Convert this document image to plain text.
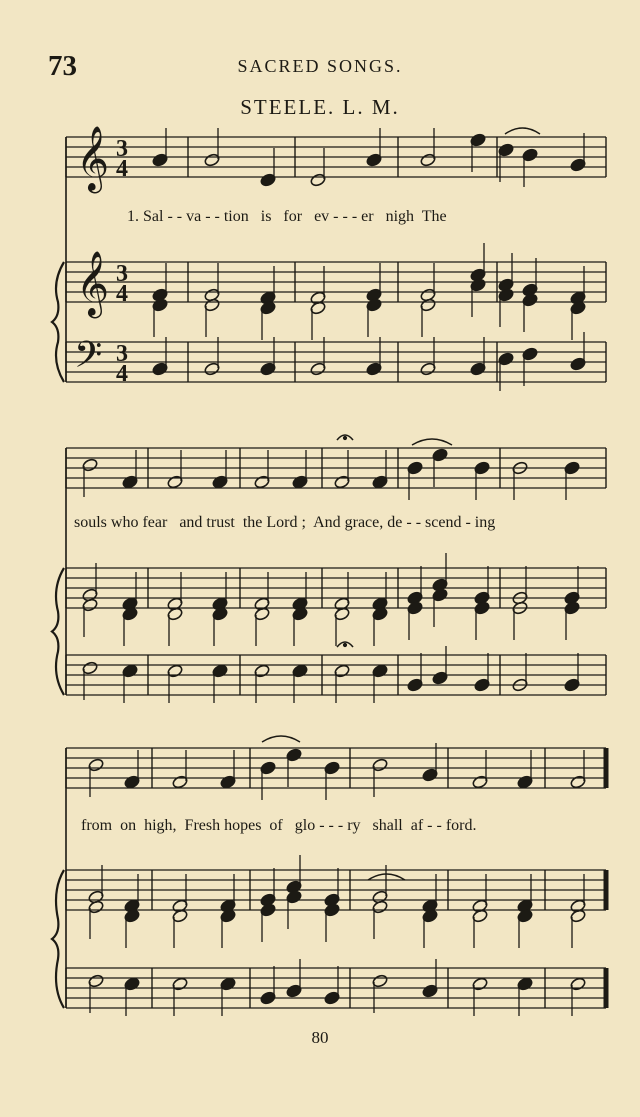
73	SACRED SONGS.
STEELE. L. M.
𝄞
𝄞
𝄢
3
4
3
4
3
4
1. Sal - - va - - tion   is   for   ev - - - er   nigh  The
souls who fear   and trust  the Lord ;  And grace, de - - scend - ing
from  on  high,  Fresh hopes  of   glo - - - ry   shall  af - - ford.
80
